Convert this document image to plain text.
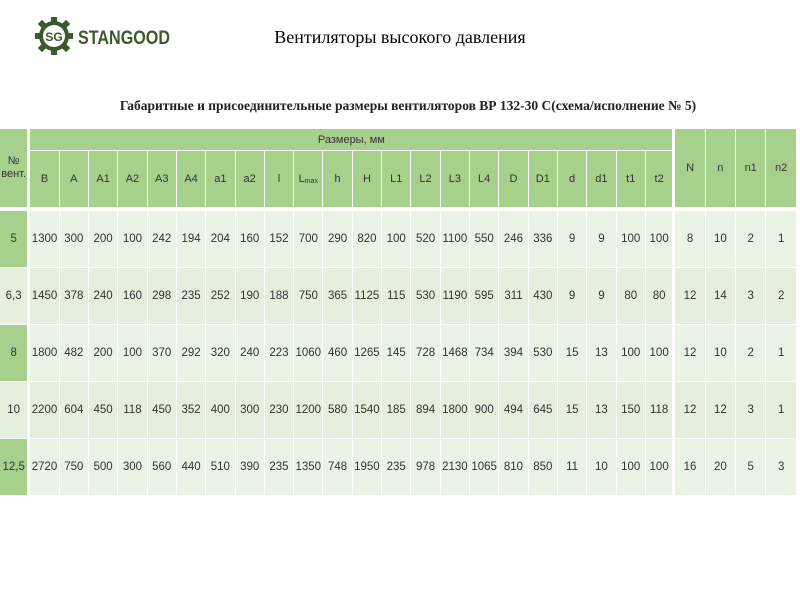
SG STANGOOD	Вентиляторы высокого давления
Габаритные и присоединительные размеры вентиляторов ВР 132-30 С(схема/исполнение № 5)
№ вент.	Размеры, мм																						N	n	n1	n2
	B	A	A1	A2	A3	A4	a1	a2	l	$L_{max}$	h	H	L1	L2	L3	L4	D	D1	d	d1	t1	t2				
5	1300	300	200	100	242	194	204	160	152	700	290	820	100	520	1100	550	246	336	9	9	100	100	8	10	2	1
6,3	1450	378	240	160	298	235	252	190	188	750	365	1125	115	530	1190	595	311	430	9	9	80	80	12	14	3	2
8	1800	482	200	100	370	292	320	240	223	1060	460	1265	145	728	1468	734	394	530	15	13	100	100	12	10	2	1
10	2200	604	450	118	450	352	400	300	230	1200	580	1540	185	894	1800	900	494	645	15	13	150	118	12	12	3	1
12,5	2720	750	500	300	560	440	510	390	235	1350	748	1950	235	978	2130	1065	810	850	11	10	100	100	16	20	5	3
